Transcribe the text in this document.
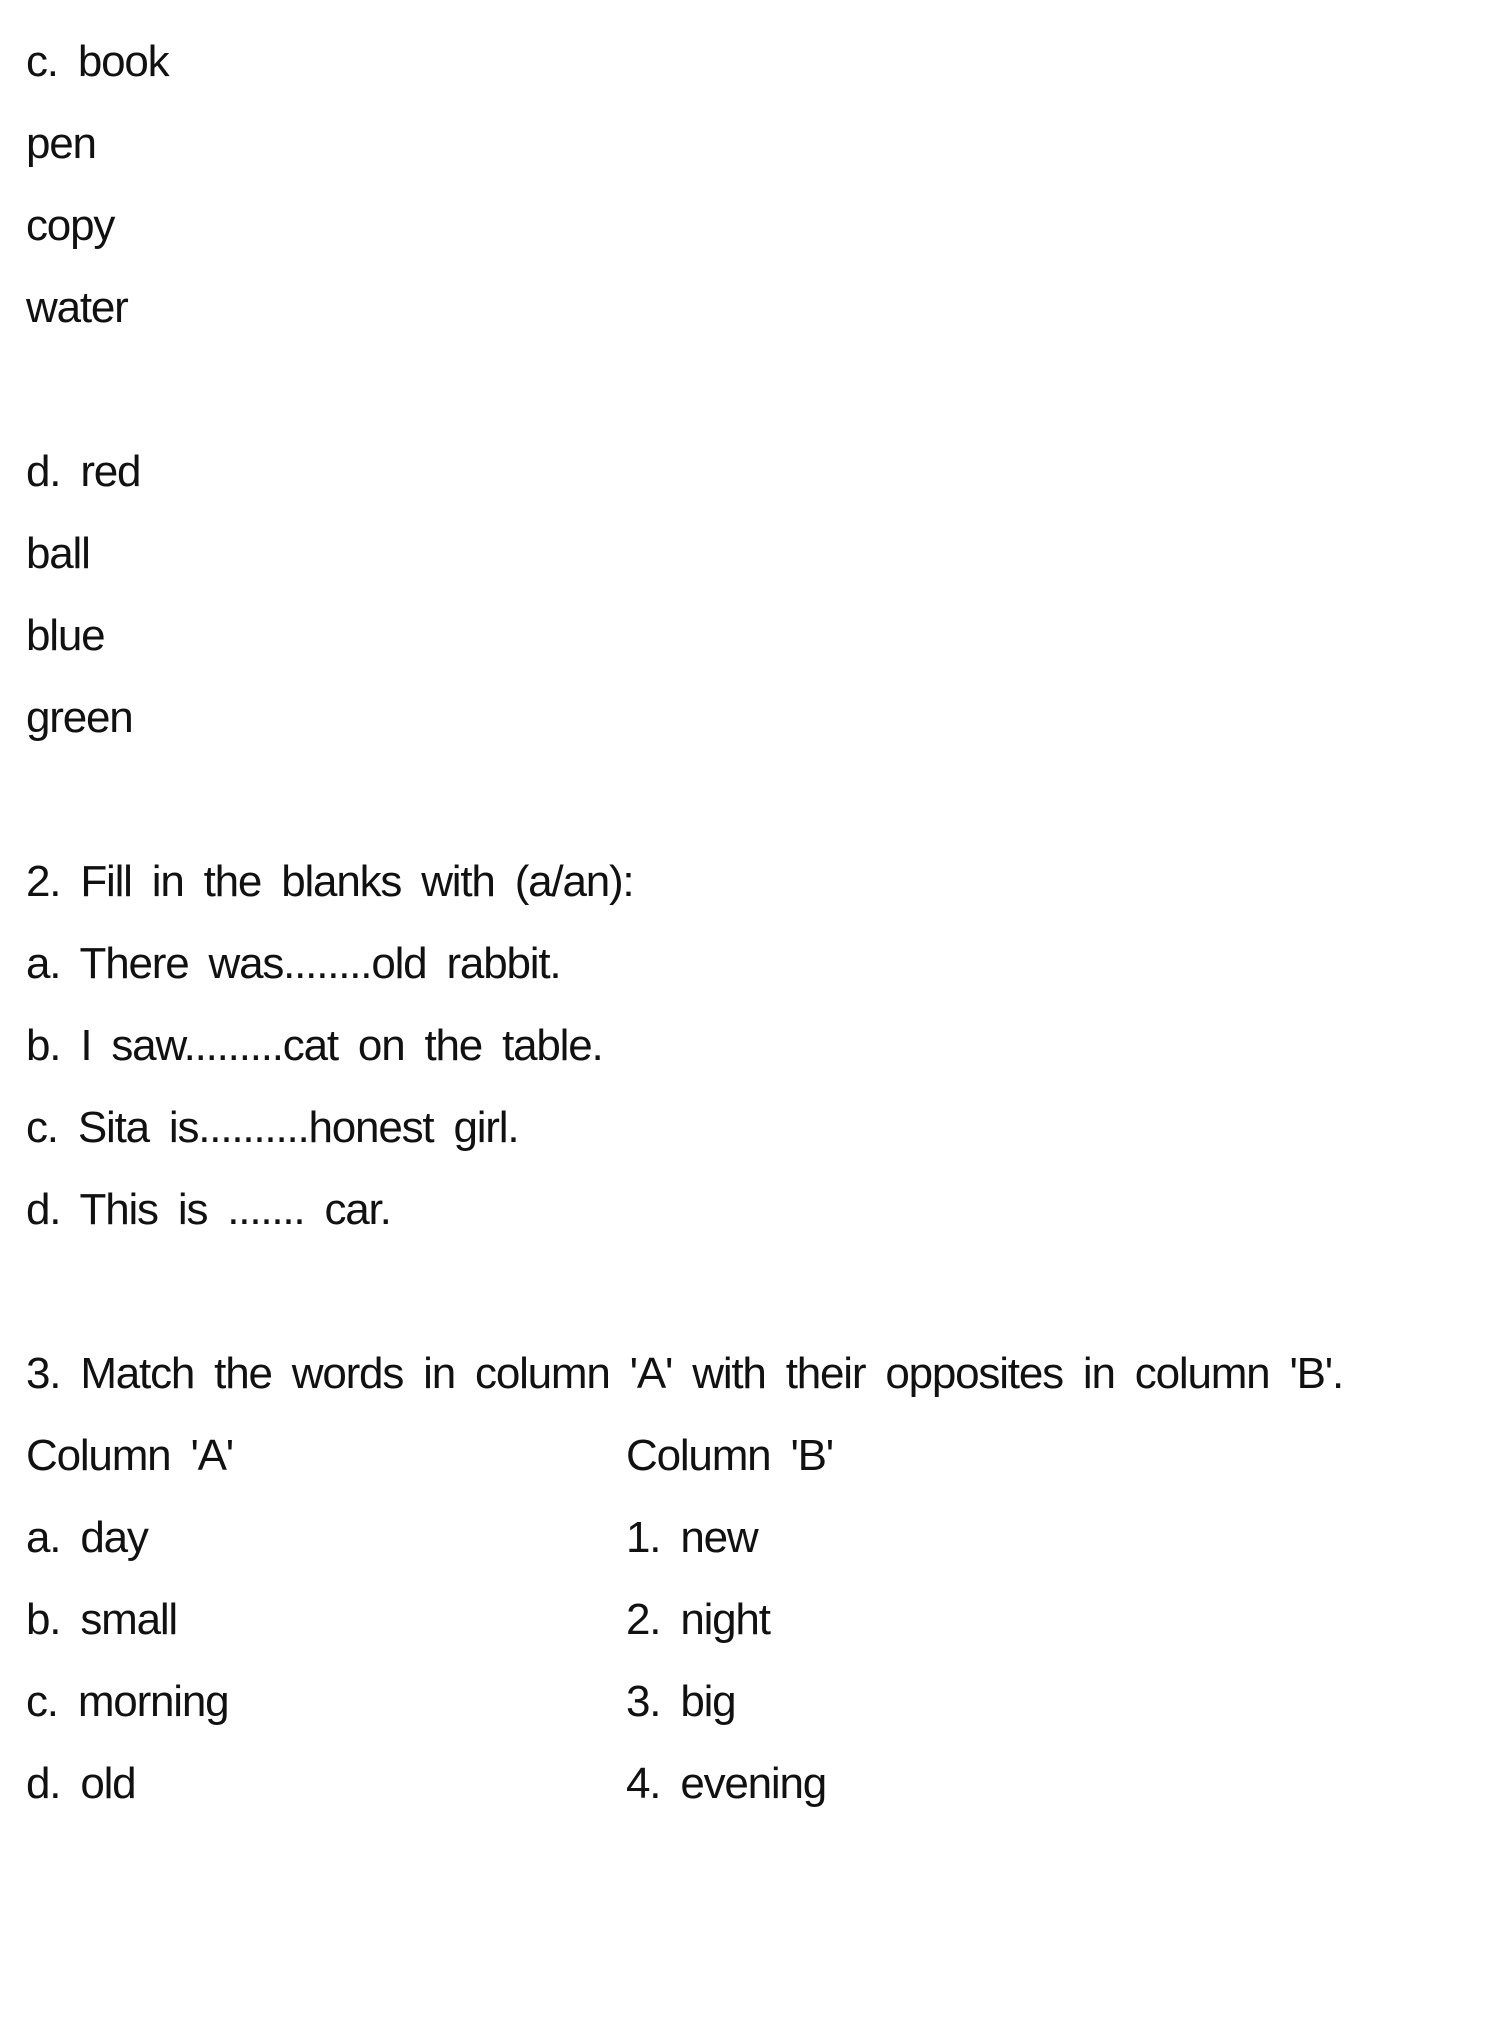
c. book
pen
copy
water
d. red
ball
blue
green
2. Fill in the blanks with (a/an):
a. There was........old rabbit.
b. I saw.........cat on the table.
c. Sita is..........honest girl.
d. This is ....... car.
3. Match the words in column 'A' with their opposites in column 'B'.
Column 'A'	Column 'B'
a. day	1. new
b. small	2. night
c. morning	3. big
d. old	4. evening
